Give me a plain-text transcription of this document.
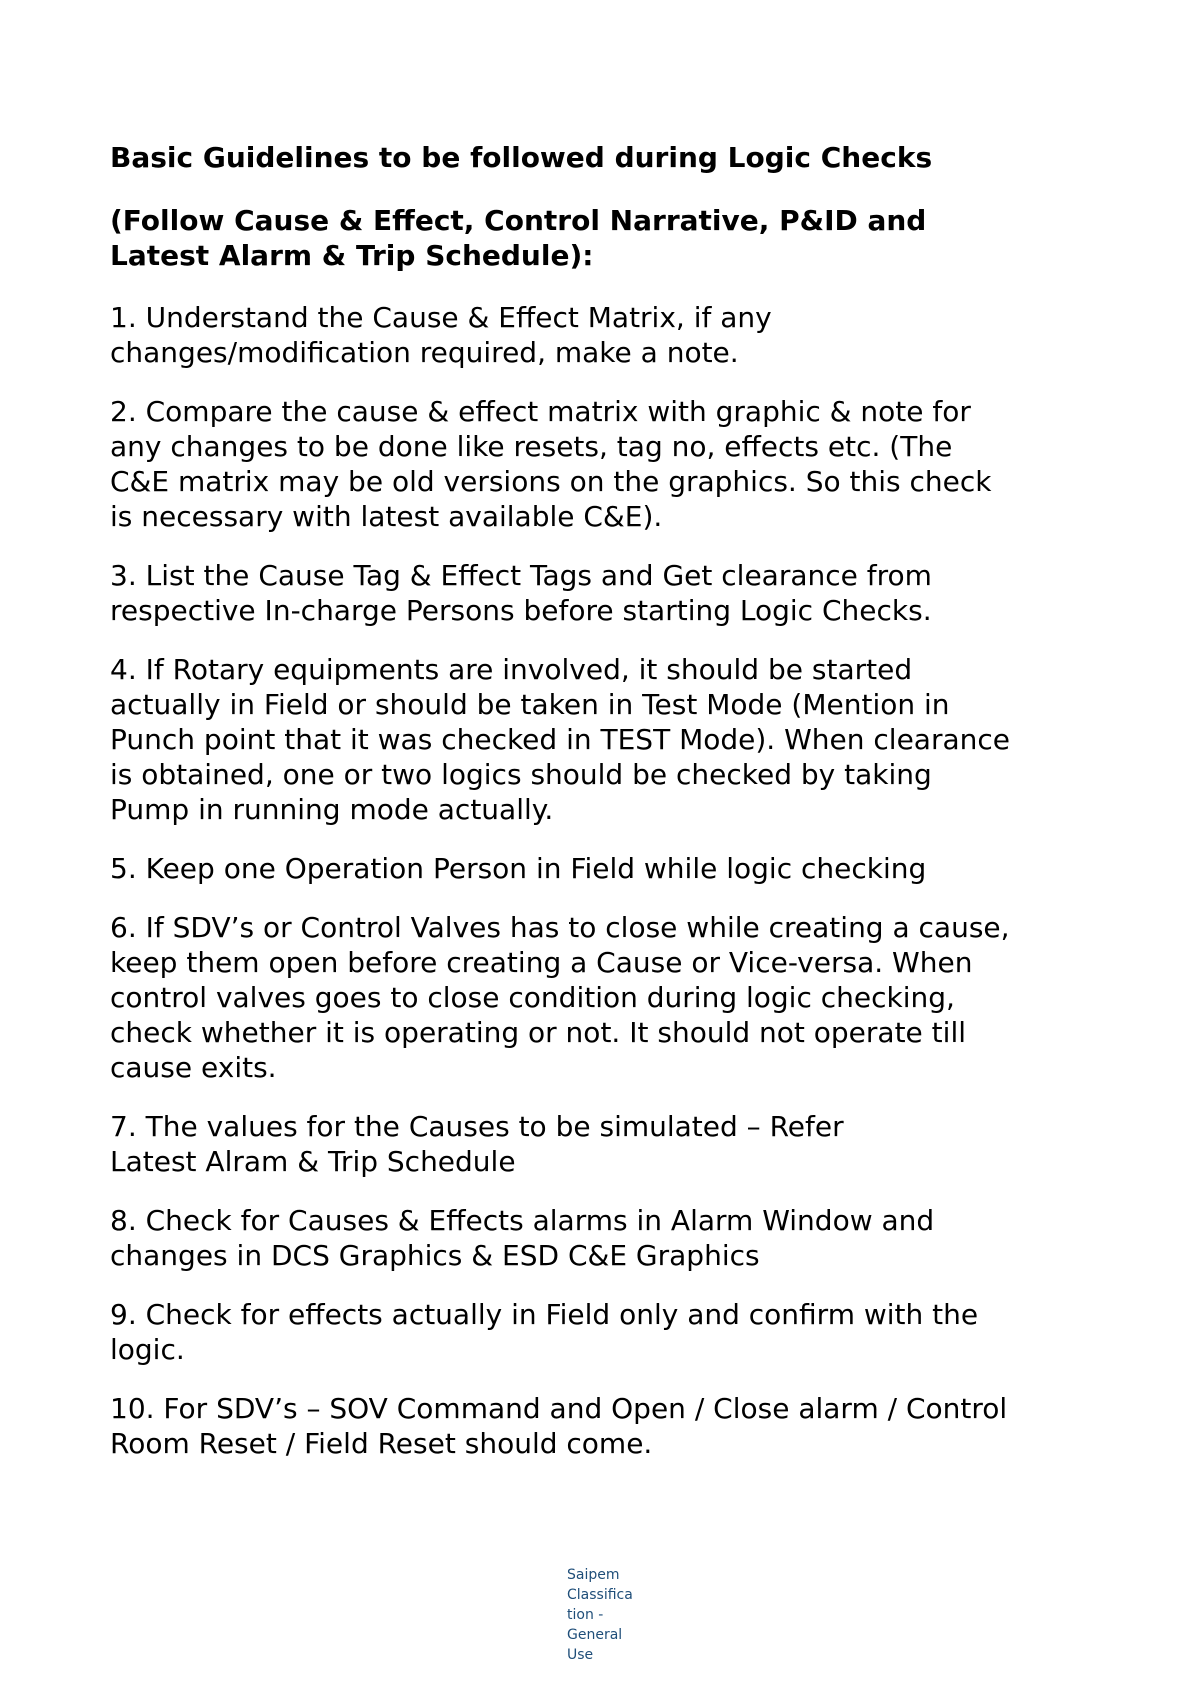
Basic Guidelines to be followed during Logic Checks
(Follow Cause & Effect, Control Narrative, P&ID and
Latest Alarm & Trip Schedule):
1. Understand the Cause & Effect Matrix, if any
changes/modification required, make a note.
2. Compare the cause & effect matrix with graphic & note for
any changes to be done like resets, tag no, effects etc. (The
C&E matrix may be old versions on the graphics. So this check
is necessary with latest available C&E).
3. List the Cause Tag & Effect Tags and Get clearance from
respective In-charge Persons before starting Logic Checks.
4. If Rotary equipments are involved, it should be started
actually in Field or should be taken in Test Mode (Mention in
Punch point that it was checked in TEST Mode). When clearance
is obtained, one or two logics should be checked by taking
Pump in running mode actually.
5. Keep one Operation Person in Field while logic checking
6. If SDV’s or Control Valves has to close while creating a cause,
keep them open before creating a Cause or Vice-versa. When
control valves goes to close condition during logic checking,
check whether it is operating or not. It should not operate till
cause exits.
7. The values for the Causes to be simulated – Refer
Latest Alram & Trip Schedule
8. Check for Causes & Effects alarms in Alarm Window and
changes in DCS Graphics & ESD C&E Graphics
9. Check for effects actually in Field only and confirm with the
logic.
10. For SDV’s – SOV Command and Open / Close alarm / Control
Room Reset / Field Reset should come.
Saipem
Classifica
tion -
General
Use
